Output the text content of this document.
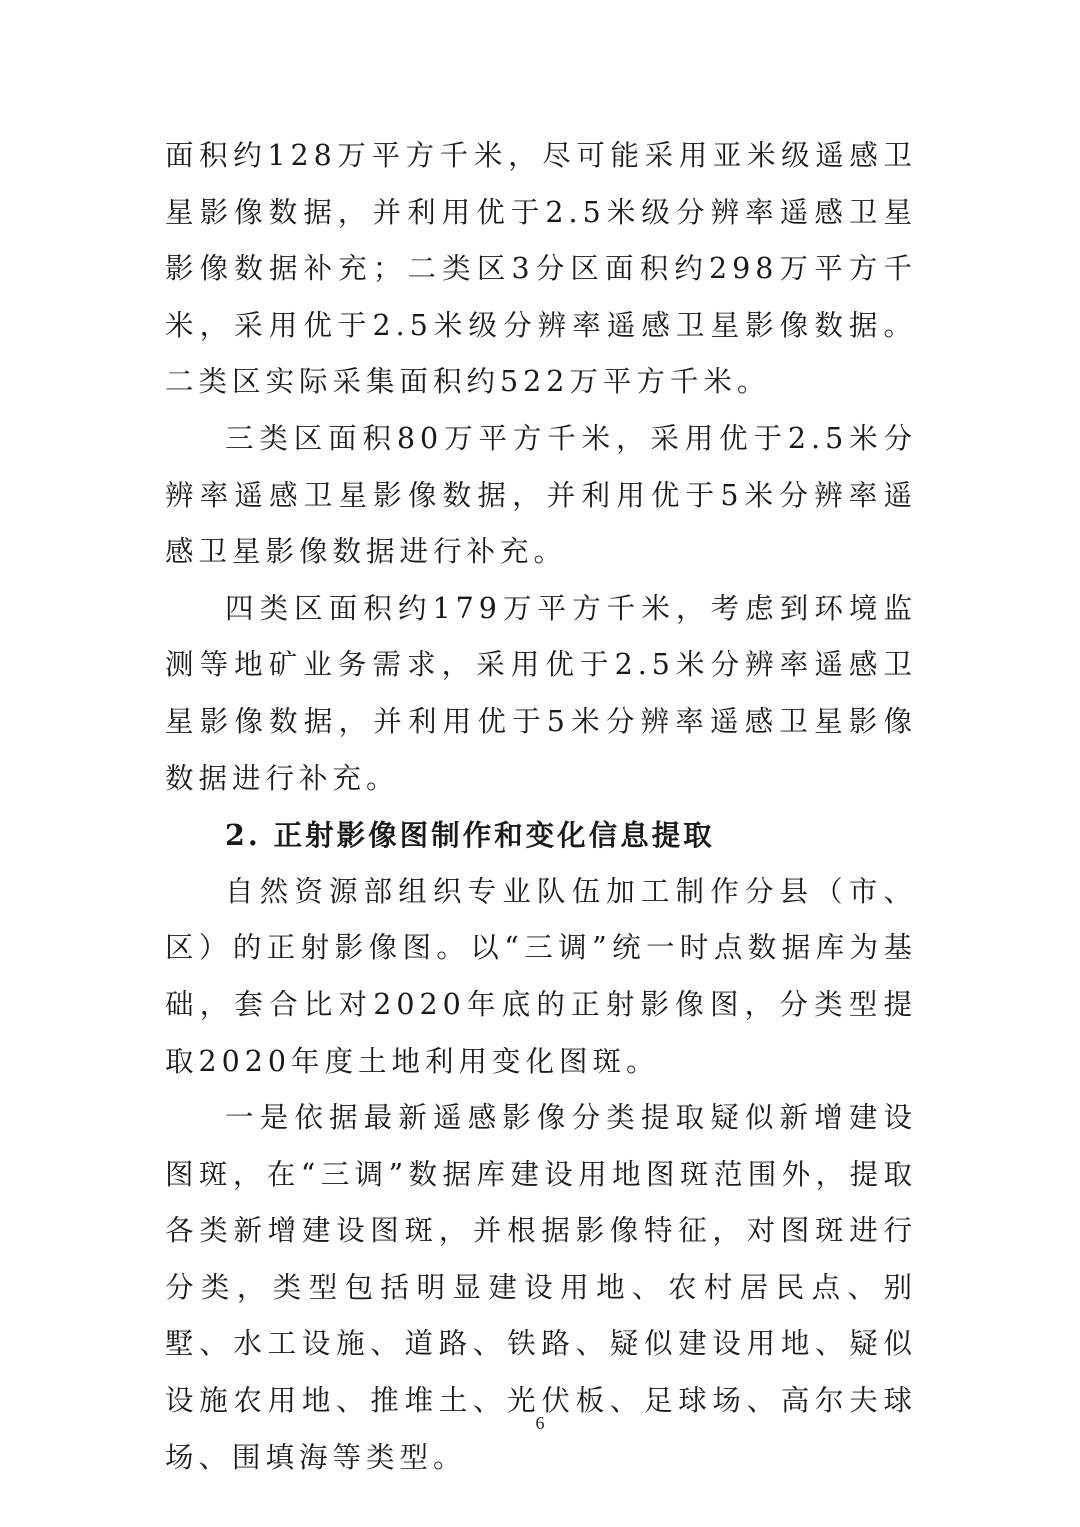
面积约128万平方千米，尽可能采用亚米级遥感卫星影像数据，并利用优于2.5米级分辨率遥感卫星影像数据补充；二类区3分区面积约298万平方千米，采用优于2.5米级分辨率遥感卫星影像数据。二类区实际采集面积约522万平方千米。

三类区面积80万平方千米，采用优于2.5米分辨率遥感卫星影像数据，并利用优于5米分辨率遥感卫星影像数据进行补充。

四类区面积约179万平方千米，考虑到环境监测等地矿业务需求，采用优于2.5米分辨率遥感卫星影像数据，并利用优于5米分辨率遥感卫星影像数据进行补充。

2. 正射影像图制作和变化信息提取

自然资源部组织专业队伍加工制作分县（市、区）的正射影像图。以“三调”统一时点数据库为基础，套合比对2020年底的正射影像图，分类型提取2020年度土地利用变化图斑。

一是依据最新遥感影像分类提取疑似新增建设图斑，在“三调”数据库建设用地图斑范围外，提取各类新增建设图斑，并根据影像特征，对图斑进行分类，类型包括明显建设用地、农村居民点、别墅、水工设施、道路、铁路、疑似建设用地、疑似设施农用地、推堆土、光伏板、足球场、高尔夫球场、围填海等类型。

6
